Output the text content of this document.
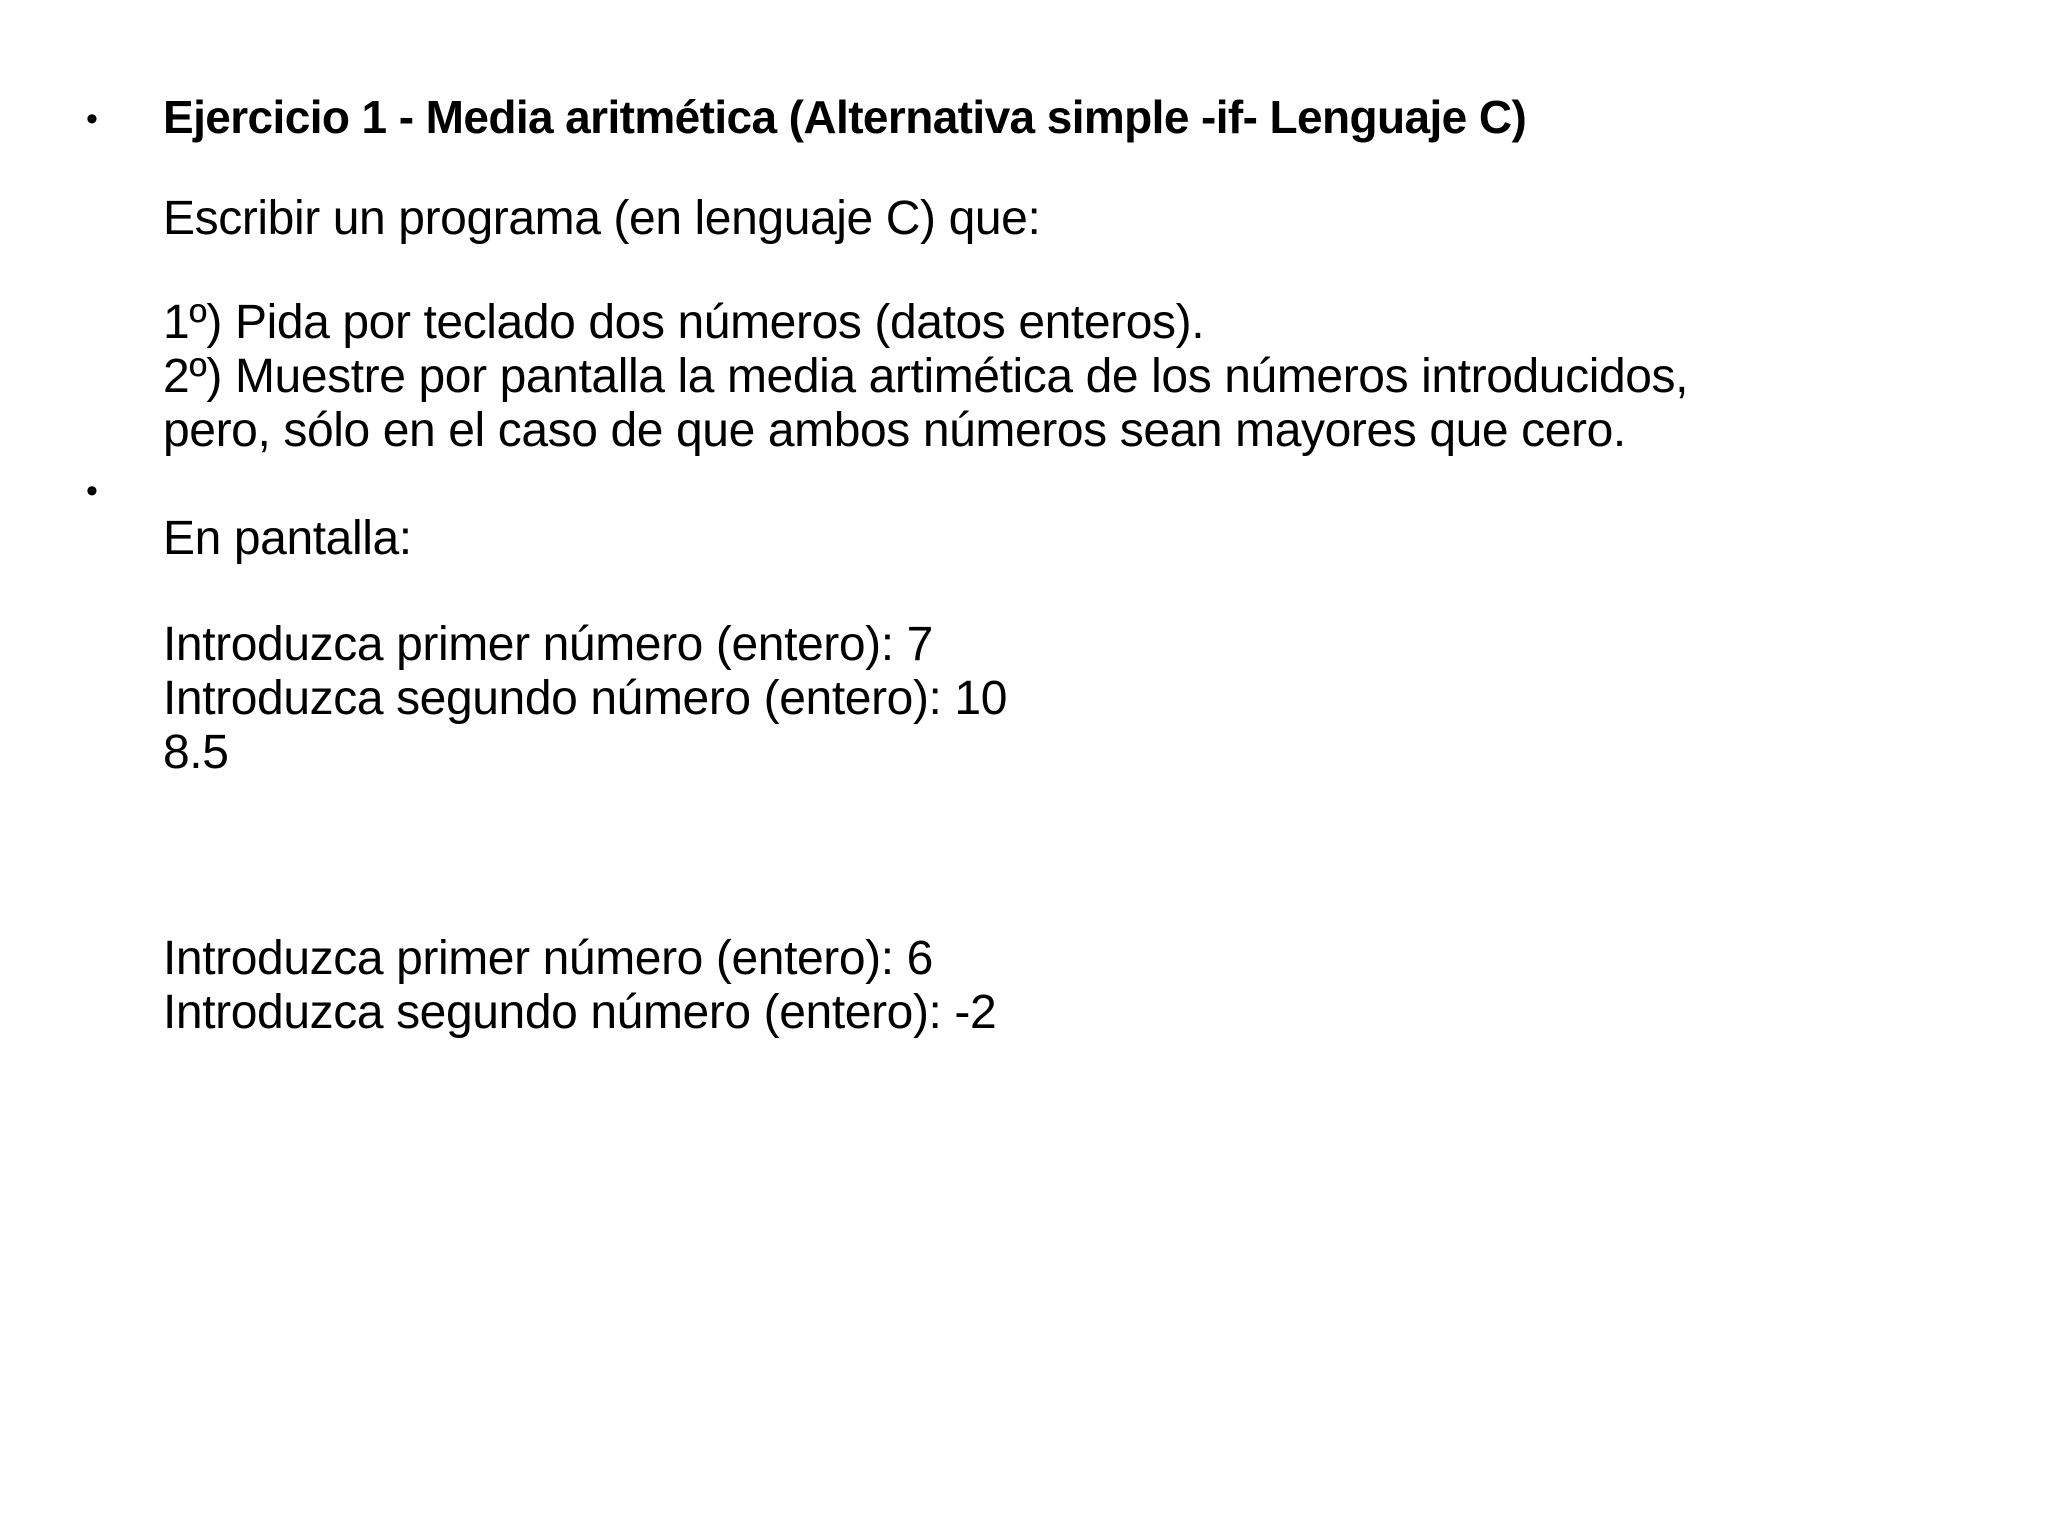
• Ejercicio 1 - Media aritmética (Alternativa simple -if- Lenguaje C)
Escribir un programa (en lenguaje C) que:
1º) Pida por teclado dos números (datos enteros).
2º) Muestre por pantalla la media artimética de los números introducidos,
pero, sólo en el caso de que ambos números sean mayores que cero.
•
En pantalla:
Introduzca primer número (entero): 7
Introduzca segundo número (entero): 10
8.5
Introduzca primer número (entero): 6
Introduzca segundo número (entero): -2
